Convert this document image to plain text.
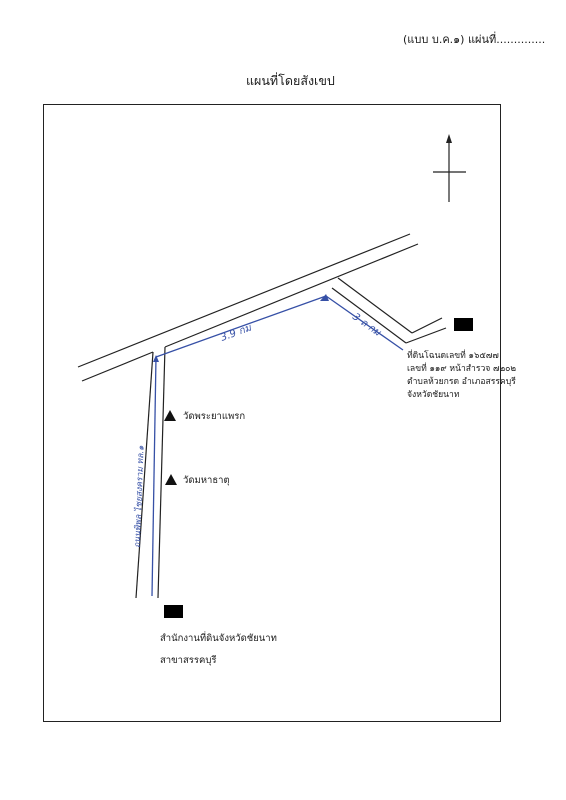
(แบบ บ.ค.๑) แผ่นที่..............
แผนที่โดยสังเขป
3.9 กม	3 ล กม
ถนนพิพล ไชยสงคราม ทล.๑
วัดพระยาแพรก
วัดมหาธาตุ
ที่ดินโฉนดเลขที่ ๑๖๕๗๗
เลขที่ ๑๑๙ หน้าสำรวจ ๗๒๐๒
ตำบลห้วยกรด อำเภอสรรคบุรี
จังหวัดชัยนาท
สำนักงานที่ดินจังหวัดชัยนาท
สาขาสรรคบุรี
